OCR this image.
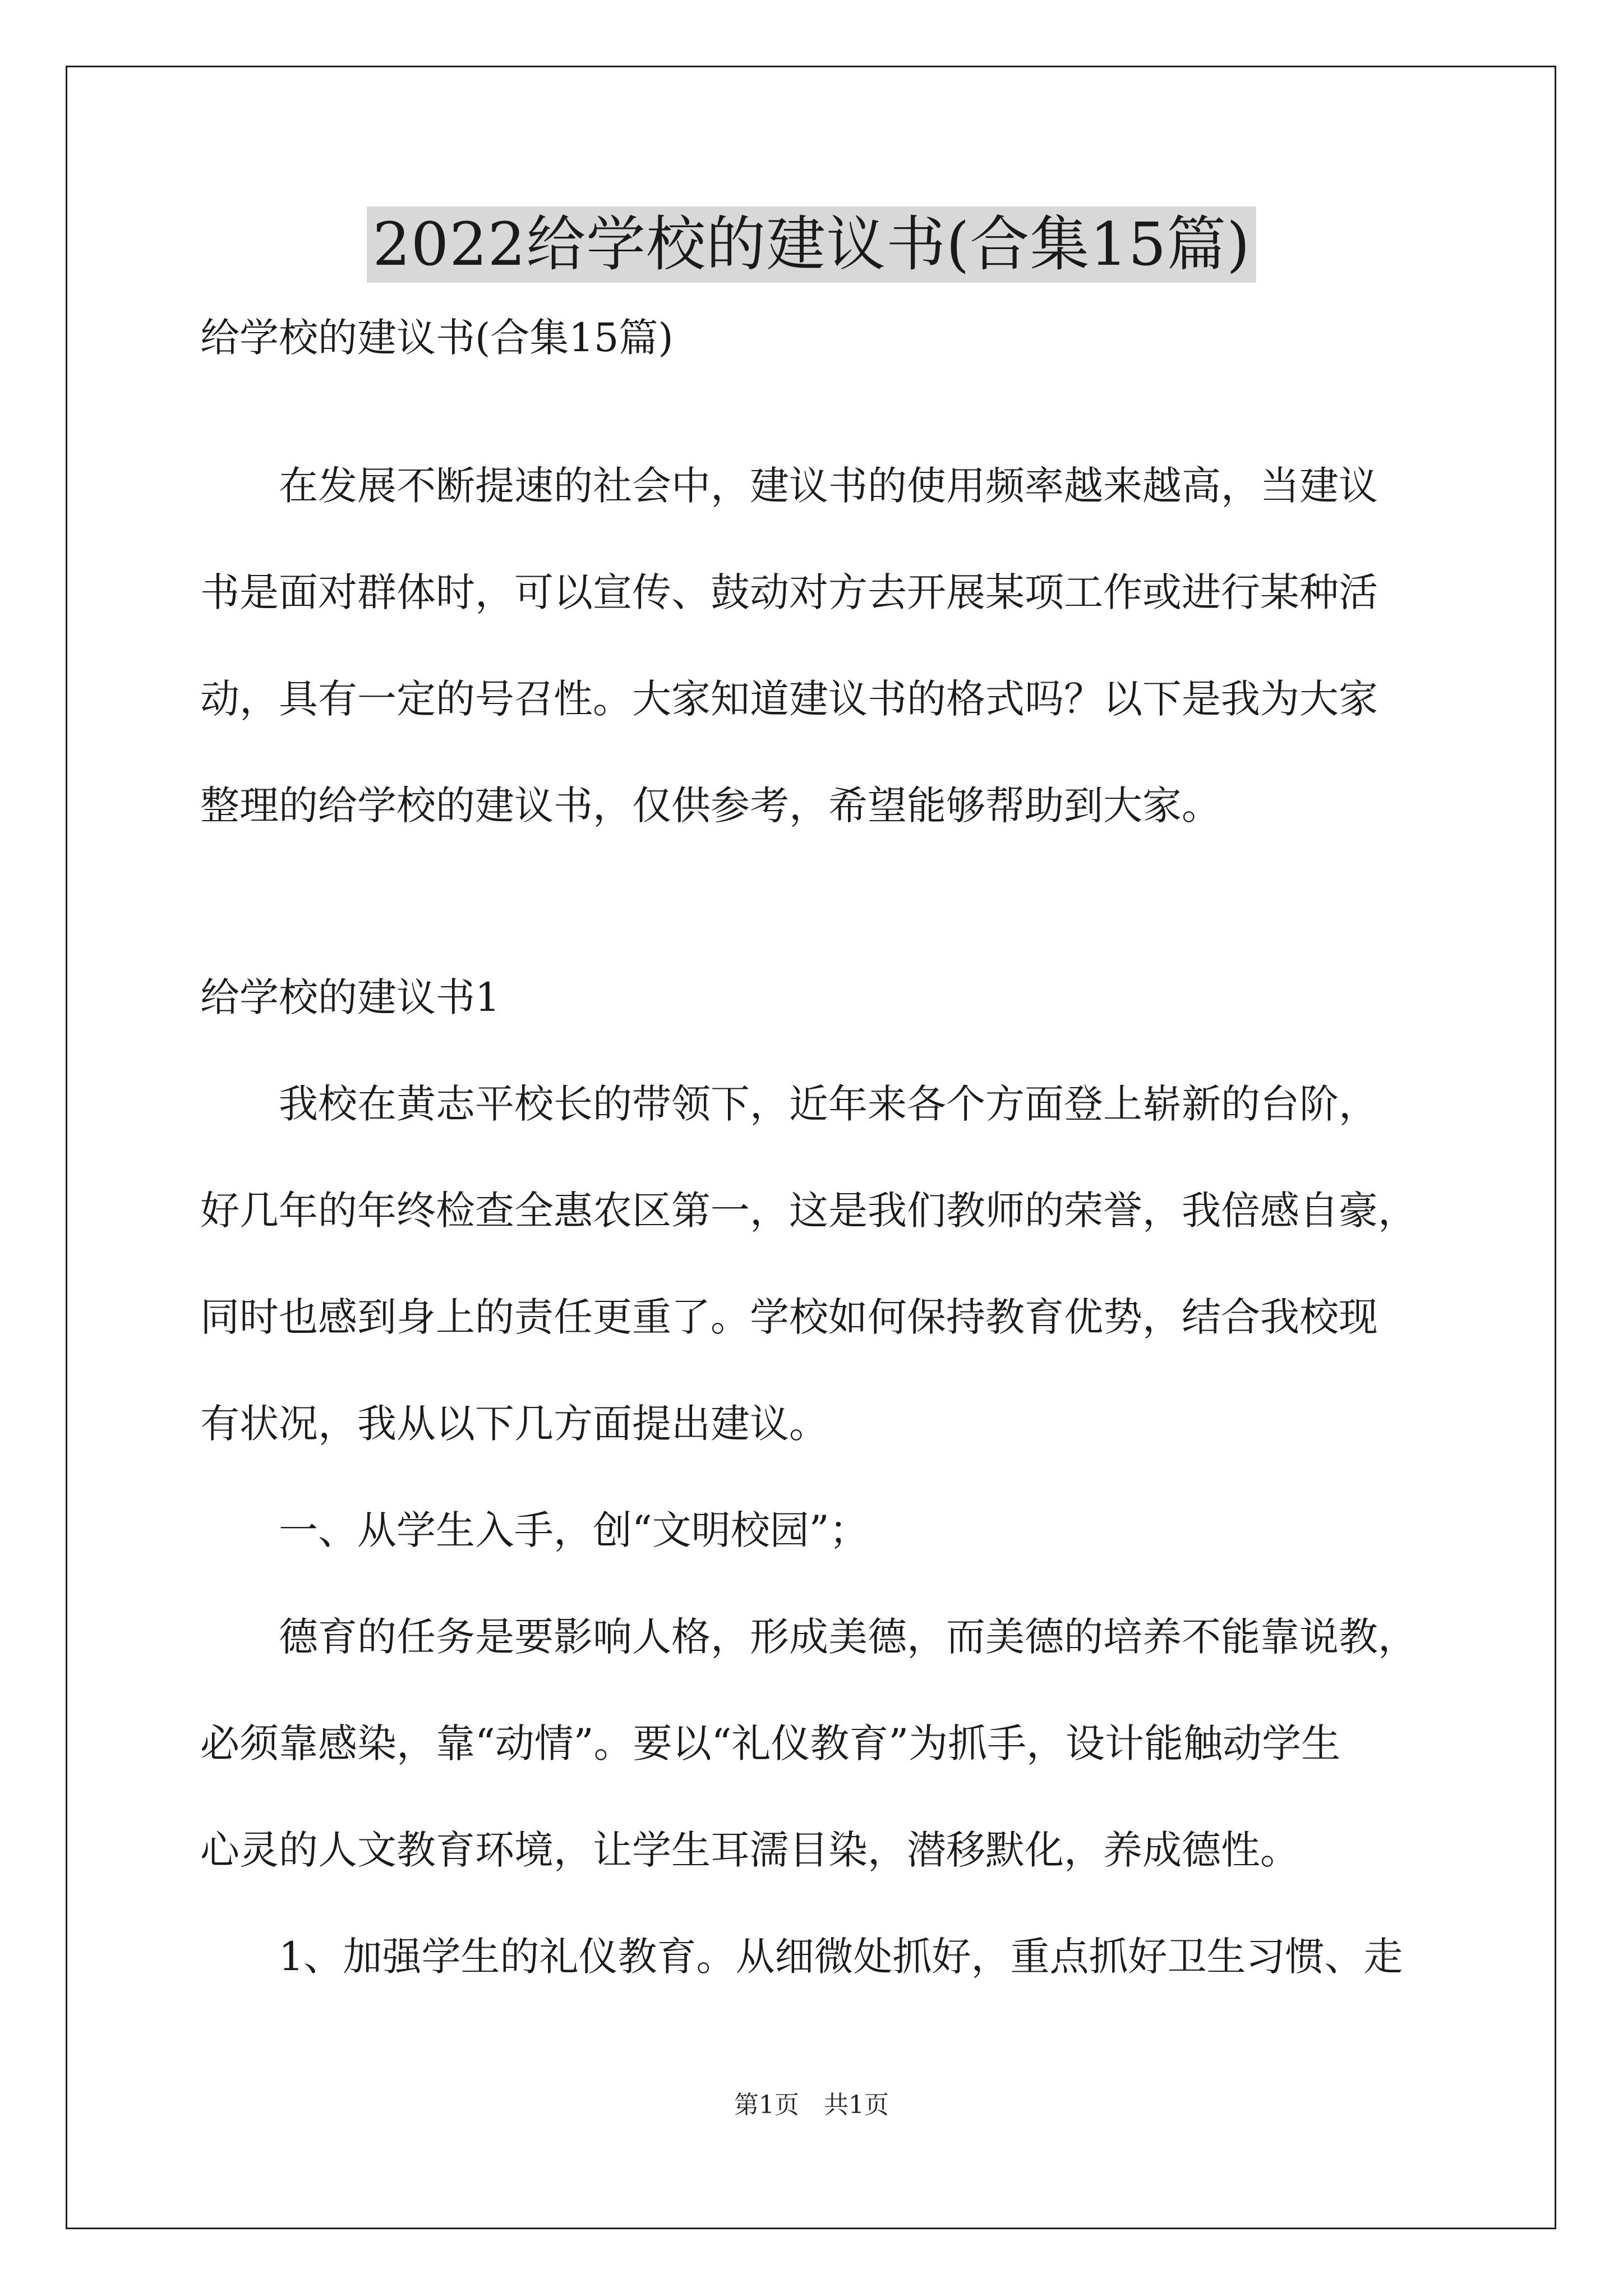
2022给学校的建议书(合集15篇)
给学校的建议书(合集15篇)
　　在发展不断提速的社会中，建议书的使用频率越来越高，当建议
书是面对群体时，可以宣传、鼓动对方去开展某项工作或进行某种活
动，具有一定的号召性。大家知道建议书的格式吗？以下是我为大家
整理的给学校的建议书，仅供参考，希望能够帮助到大家。
给学校的建议书1
　　我校在黄志平校长的带领下，近年来各个方面登上崭新的台阶，
好几年的年终检查全惠农区第一，这是我们教师的荣誉，我倍感自豪，
同时也感到身上的责任更重了。学校如何保持教育优势，结合我校现
有状况，我从以下几方面提出建议。
　　一、从学生入手，创“文明校园”；
　　德育的任务是要影响人格，形成美德，而美德的培养不能靠说教，
必须靠感染，靠“动情”。要以“礼仪教育”为抓手，设计能触动学生
心灵的人文教育环境，让学生耳濡目染，潜移默化，养成德性。
　　1、加强学生的礼仪教育。从细微处抓好，重点抓好卫生习惯、走
第1页　共1页
